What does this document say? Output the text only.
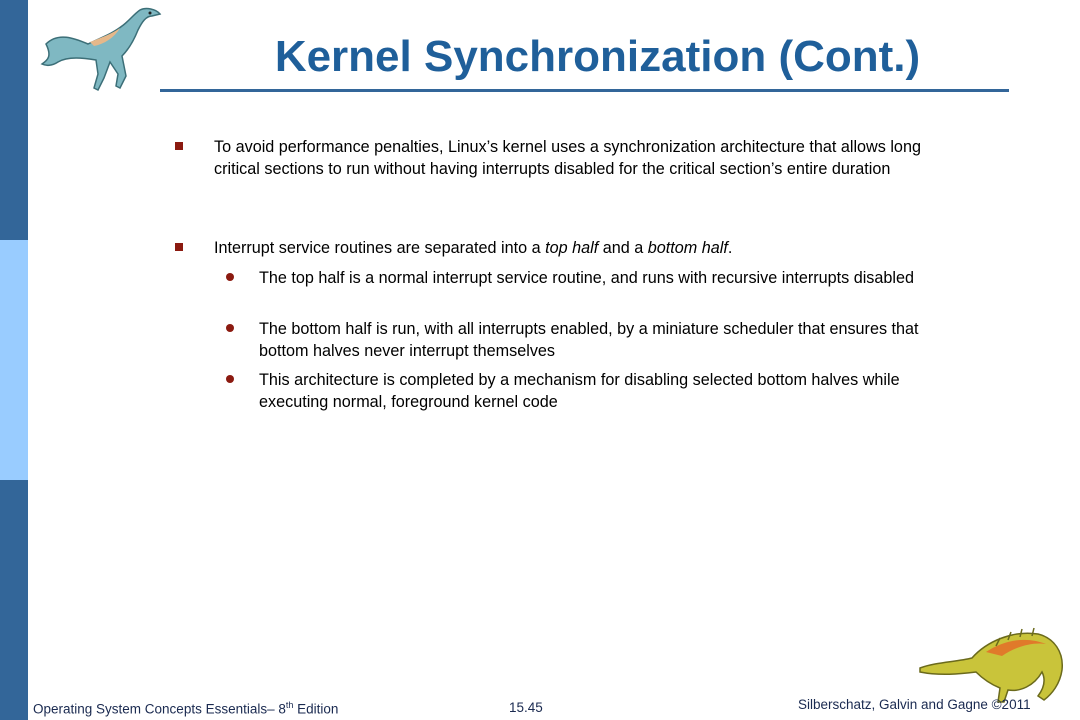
Kernel Synchronization (Cont.)
To avoid performance penalties, Linux’s kernel uses a synchronization architecture that allows long critical sections to run without having interrupts disabled for the critical section’s entire duration
Interrupt service routines are separated into a top half and a bottom half.
The top half is a normal interrupt service routine, and runs with recursive interrupts disabled
The bottom half is run, with all interrupts enabled, by a miniature scheduler that ensures that bottom halves never interrupt themselves
This architecture is completed by a mechanism for disabling selected bottom halves while executing normal, foreground kernel code
Operating System Concepts Essentials– 8th Edition	15.45	Silberschatz, Galvin and Gagne ©2011
